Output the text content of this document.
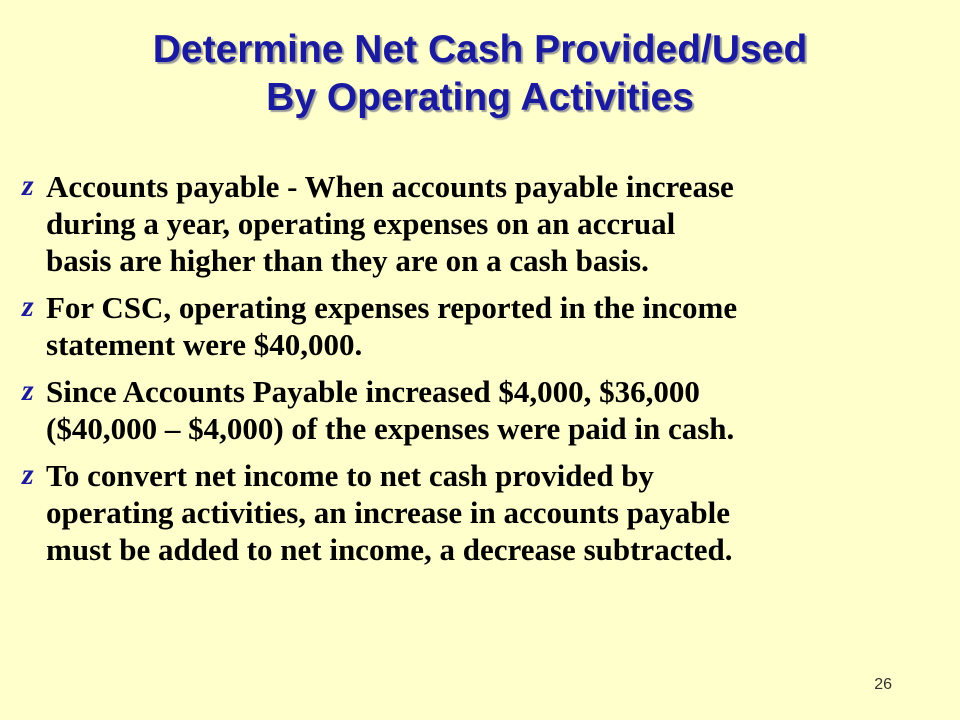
Determine Net Cash Provided/Used
By Operating Activities
z Accounts payable - When accounts payable increase
during a year, operating expenses on an accrual
basis are higher than they are on a cash basis.
z For CSC, operating expenses reported in the income
statement were $40,000.
z Since Accounts Payable increased $4,000, $36,000
($40,000 – $4,000) of the expenses were paid in cash.
z To convert net income to net cash provided by
operating activities, an increase in accounts payable
must be added to net income, a decrease subtracted.
26
